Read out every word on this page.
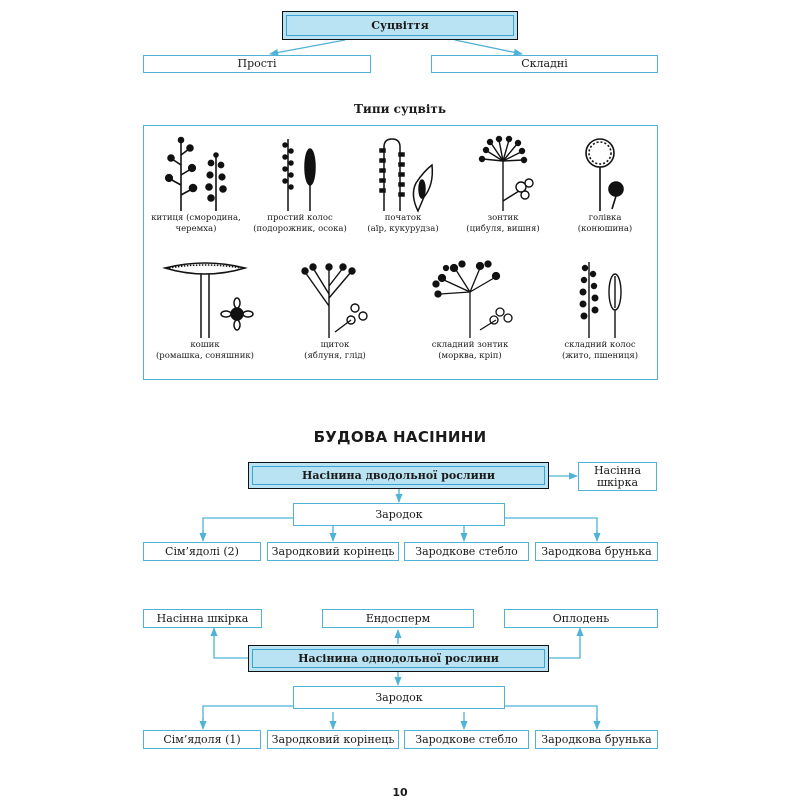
Суцвіття
Прості	Складні
Типи суцвіть
китиця (смородина,
черемха)
простий колос
(подорожник, осока)
початок
(аїр, кукурудза)
зонтик
(цибуля, вишня)
голівка
(конюшина)
кошик
(ромашка, соняшник)
щиток
(яблуня, глід)
складний зонтик
(морква, кріп)
складний колос
(жито, пшениця)
БУДОВА НАСІНИНИ
Насінина дводольної рослини	Насінна шкірка
Зародок
Сім’ядолі (2)	Зародковий корінець Зародкове стебло Зародкова брунька
Насінна шкірка	Ендосперм	Оплодень
Насінина однодольної рослини
Зародок
Сім’ядоля (1)	Зародковий корінець Зародкове стебло Зародкова брунька
10
